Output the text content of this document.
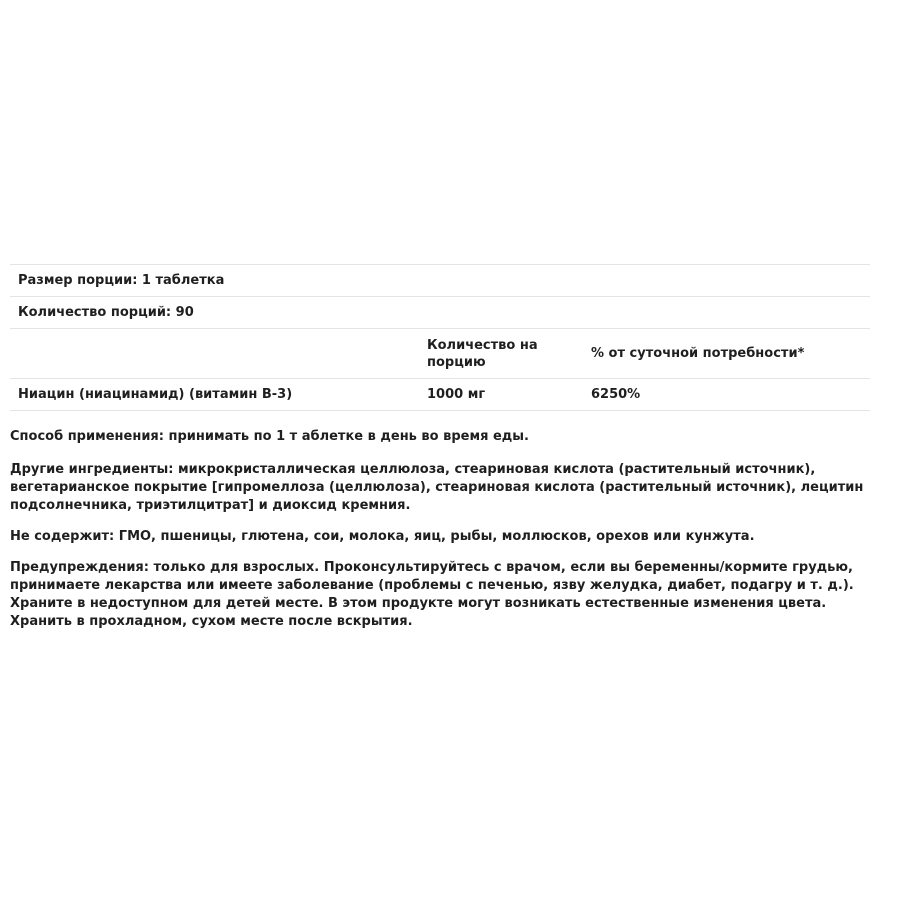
Размер порции: 1 таблетка		
Количество порций: 90		
	Количество на порцию	% от суточной потребности*
Ниацин (ниацинамид) (витамин B-3)	1000 мг	6250%

Способ применения: принимать по 1 т аблетке в день во время еды.

Другие ингредиенты: микрокристаллическая целлюлоза, стеариновая кислота (растительный источник), вегетарианское покрытие [гипромеллоза (целлюлоза), стеариновая кислота (растительный источник), лецитин подсолнечника, триэтилцитрат] и диоксид кремния.

Не содержит: ГМО, пшеницы, глютена, сои, молока, яиц, рыбы, моллюсков, орехов или кунжута.

Предупреждения: только для взрослых. Проконсультируйтесь с врачом, если вы беременны/кормите грудью, принимаете лекарства или имеете заболевание (проблемы с печенью, язву желудка, диабет, подагру и т. д.). Храните в недоступном для детей месте. В этом продукте могут возникать естественные изменения цвета. Хранить в прохладном, сухом месте после вскрытия.
